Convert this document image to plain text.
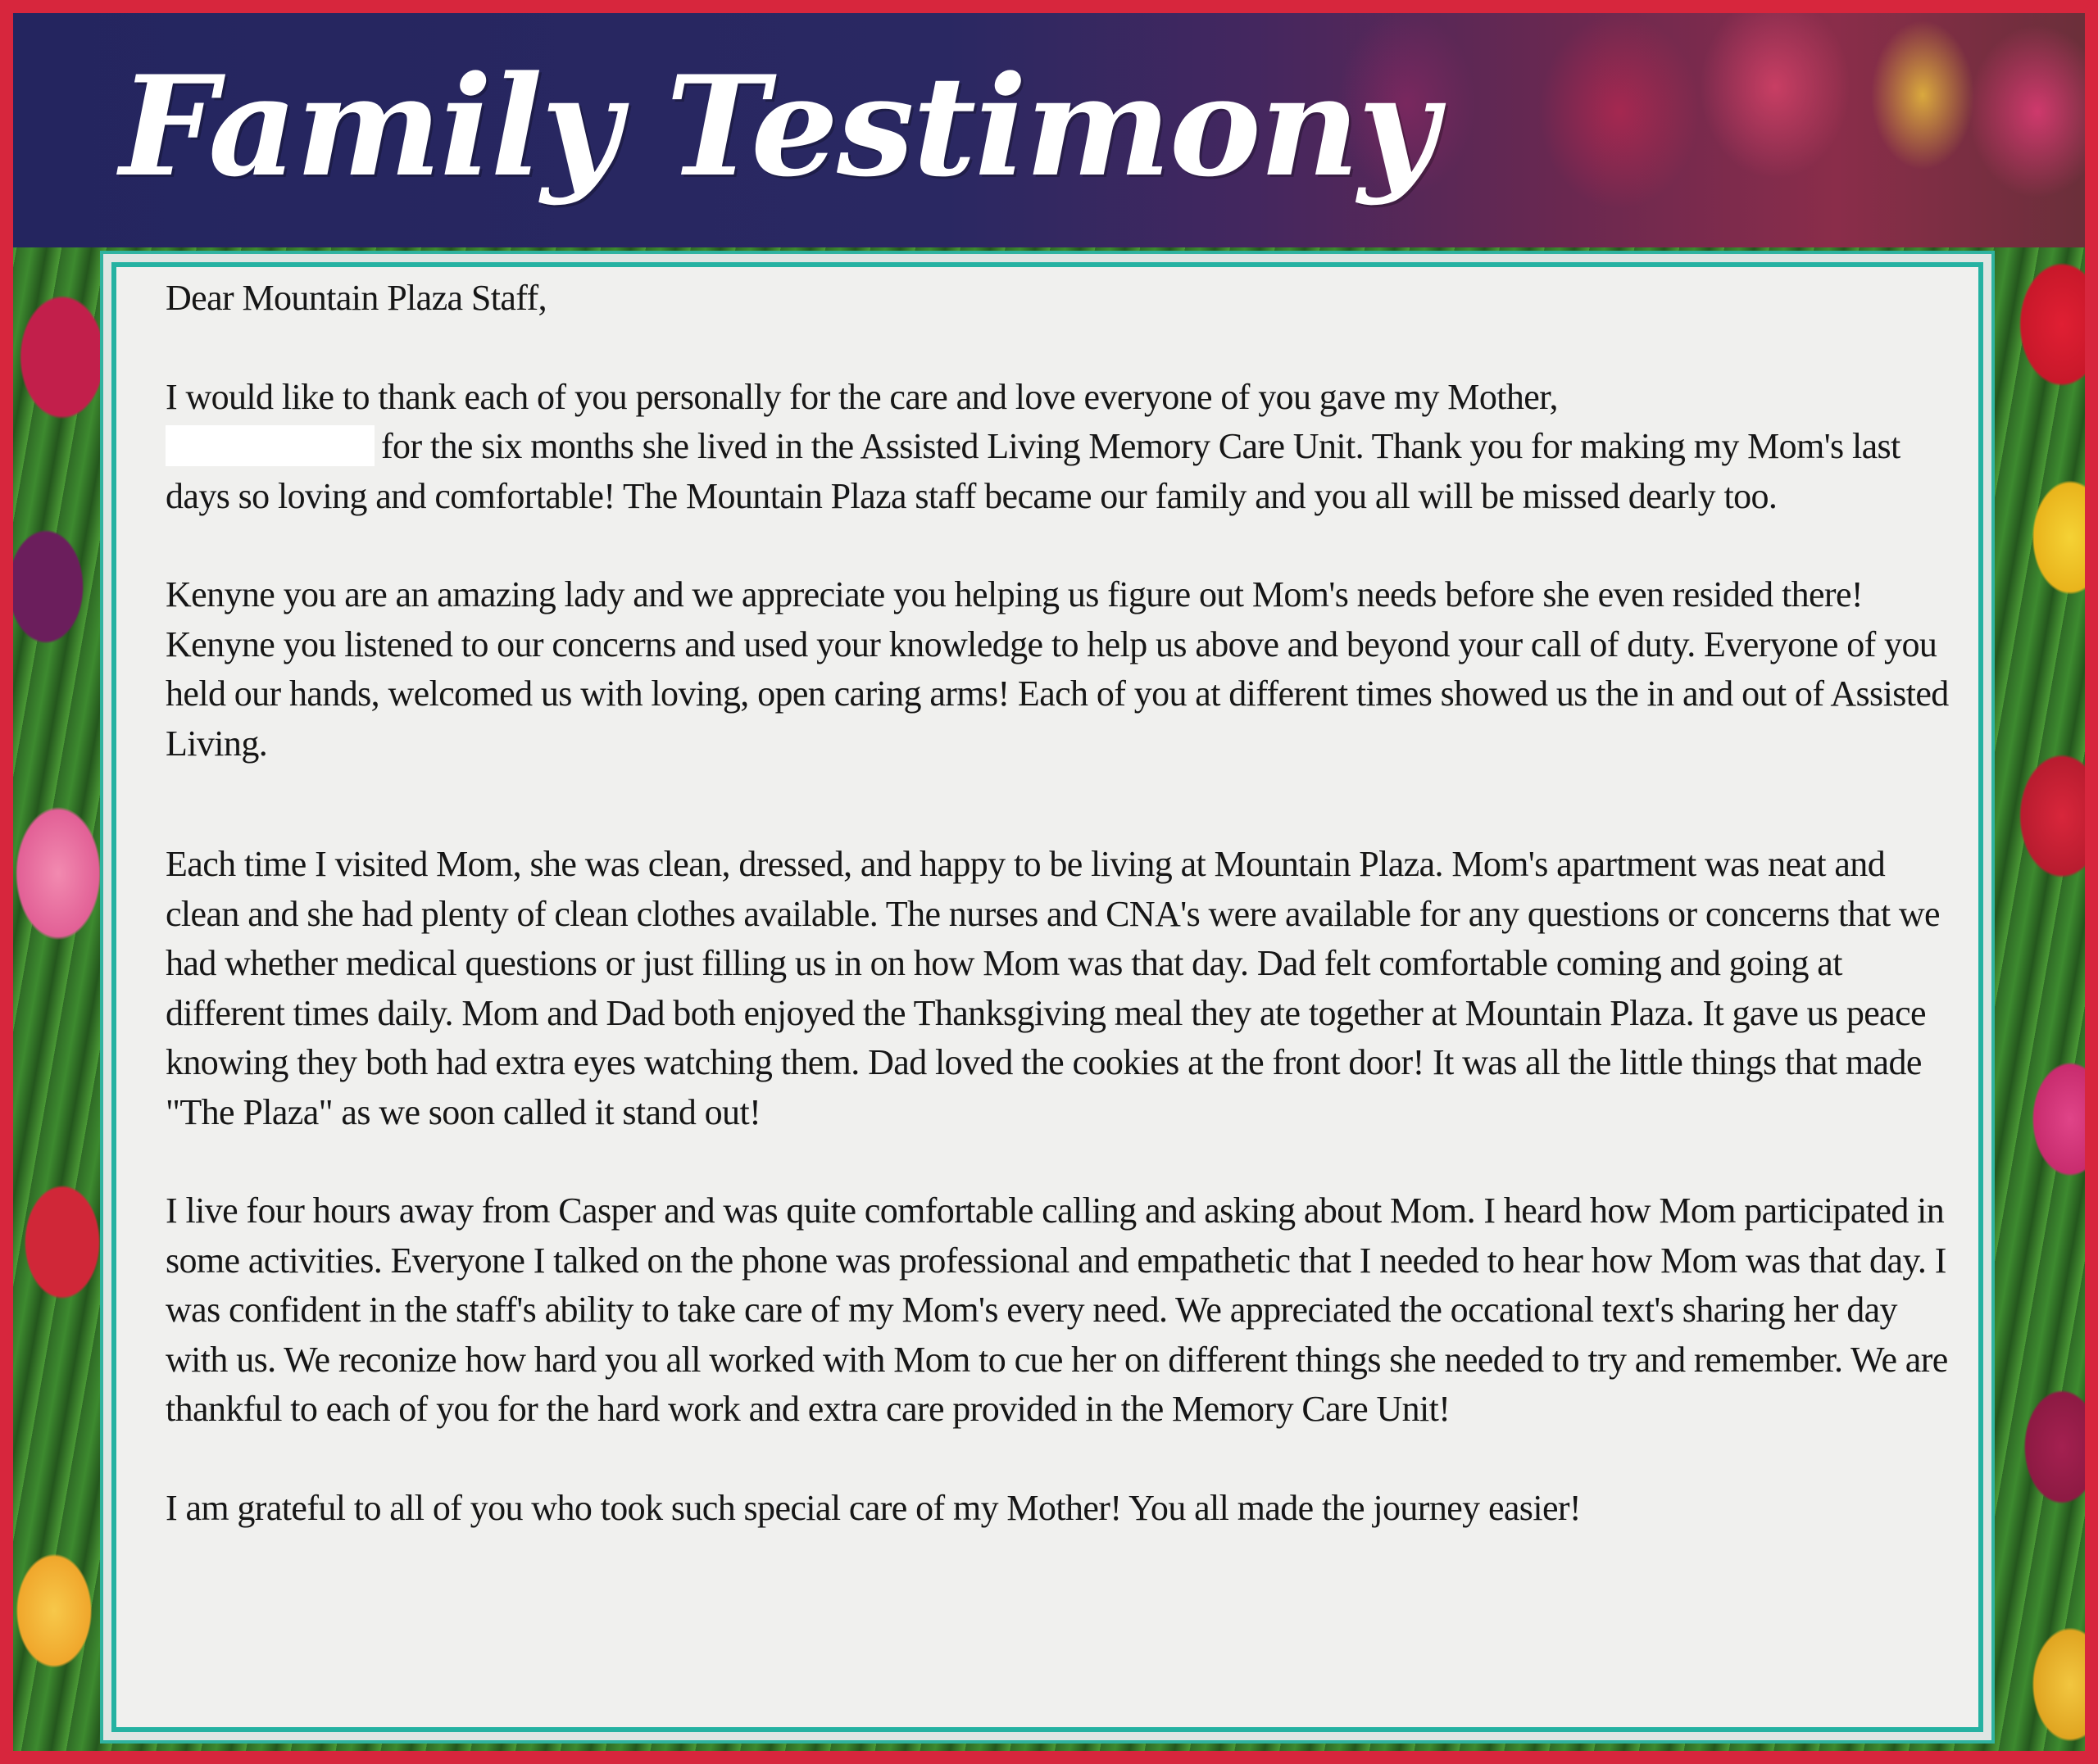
Family Testimony

Dear Mountain Plaza Staff,

I would like to thank each of you personally for the care and love everyone of you gave my Mother,
for the six months she lived in the Assisted Living Memory Care Unit. Thank you for making my Mom's last days so loving and comfortable! The Mountain Plaza staff became our family and you all will be missed dearly too.

Kenyne you are an amazing lady and we appreciate you helping us figure out Mom's needs before she even resided there! Kenyne you listened to our concerns and used your knowledge to help us above and beyond your call of duty. Everyone of you held our hands, welcomed us with loving, open caring arms! Each of you at different times showed us the in and out of Assisted Living.

Each time I visited Mom, she was clean, dressed, and happy to be living at Mountain Plaza. Mom's apartment was neat and clean and she had plenty of clean clothes available. The nurses and CNA's were available for any questions or concerns that we had whether medical questions or just filling us in on how Mom was that day. Dad felt comfortable coming and going at different times daily. Mom and Dad both enjoyed the Thanksgiving meal they ate together at Mountain Plaza. It gave us peace knowing they both had extra eyes watching them. Dad loved the cookies at the front door! It was all the little things that made "The Plaza" as we soon called it stand out!

I live four hours away from Casper and was quite comfortable calling and asking about Mom. I heard how Mom participated in some activities. Everyone I talked on the phone was professional and empathetic that I needed to hear how Mom was that day. I was confident in the staff's ability to take care of my Mom's every need. We appreciated the occational text's sharing her day with us. We reconize how hard you all worked with Mom to cue her on different things she needed to try and remember. We are thankful to each of you for the hard work and extra care provided in the Memory Care Unit!

I am grateful to all of you who took such special care of my Mother! You all made the journey easier!
